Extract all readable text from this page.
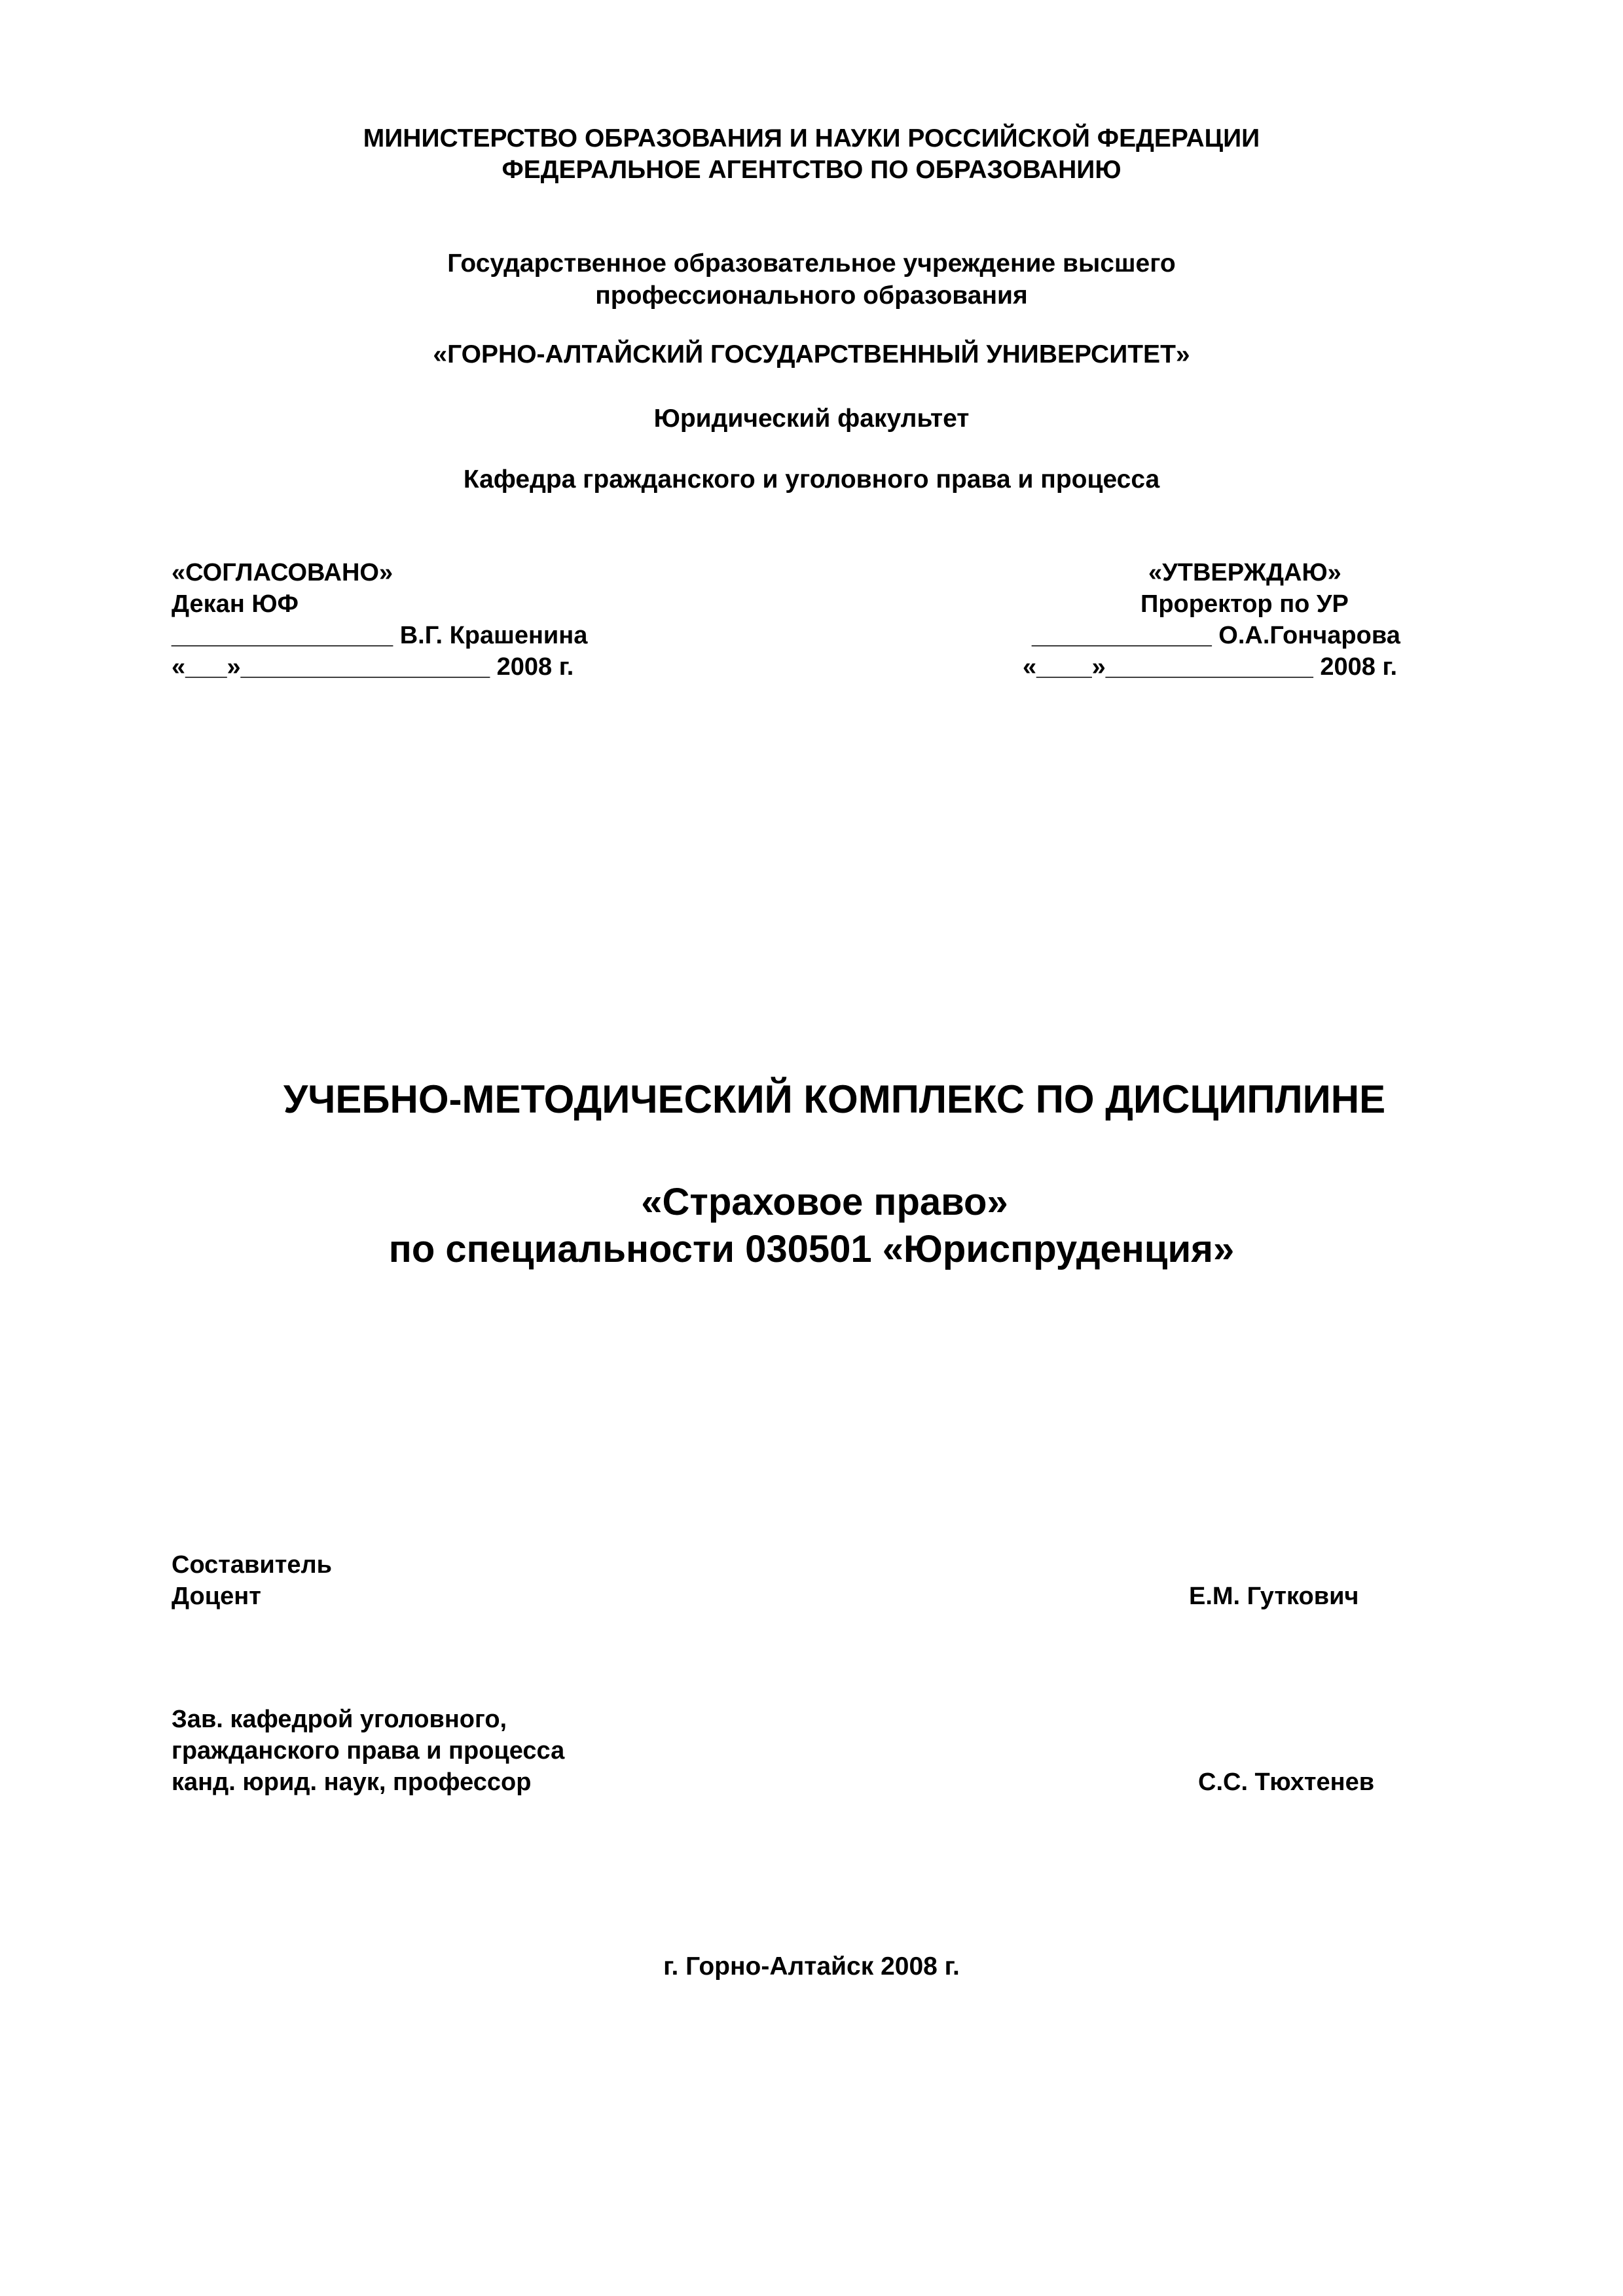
МИНИСТЕРСТВО ОБРАЗОВАНИЯ И НАУКИ РОССИЙСКОЙ ФЕДЕРАЦИИ
ФЕДЕРАЛЬНОЕ АГЕНТСТВО ПО ОБРАЗОВАНИЮ
Государственное образовательное учреждение высшего
профессионального образования
«ГОРНО-АЛТАЙСКИЙ ГОСУДАРСТВЕННЫЙ УНИВЕРСИТЕТ»
Юридический факультет
Кафедра гражданского и уголовного права и процесса
«СОГЛАСОВАНО»
Декан ЮФ
________________ В.Г. Крашенина
«___»__________________ 2008 г.
«УТВЕРЖДАЮ»
Проректор по УР
_____________ О.А.Гончарова
«____»_______________ 2008 г.
УЧЕБНО-МЕТОДИЧЕСКИЙ КОМПЛЕКС ПО ДИСЦИПЛИНЕ
«Страховое право»
по специальности 030501 «Юриспруденция»
Составитель
Доцент	Е.М. Гуткович
Зав. кафедрой уголовного,
гражданского права и процесса
канд. юрид. наук, профессор	С.С. Тюхтенев
г. Горно-Алтайск 2008 г.
